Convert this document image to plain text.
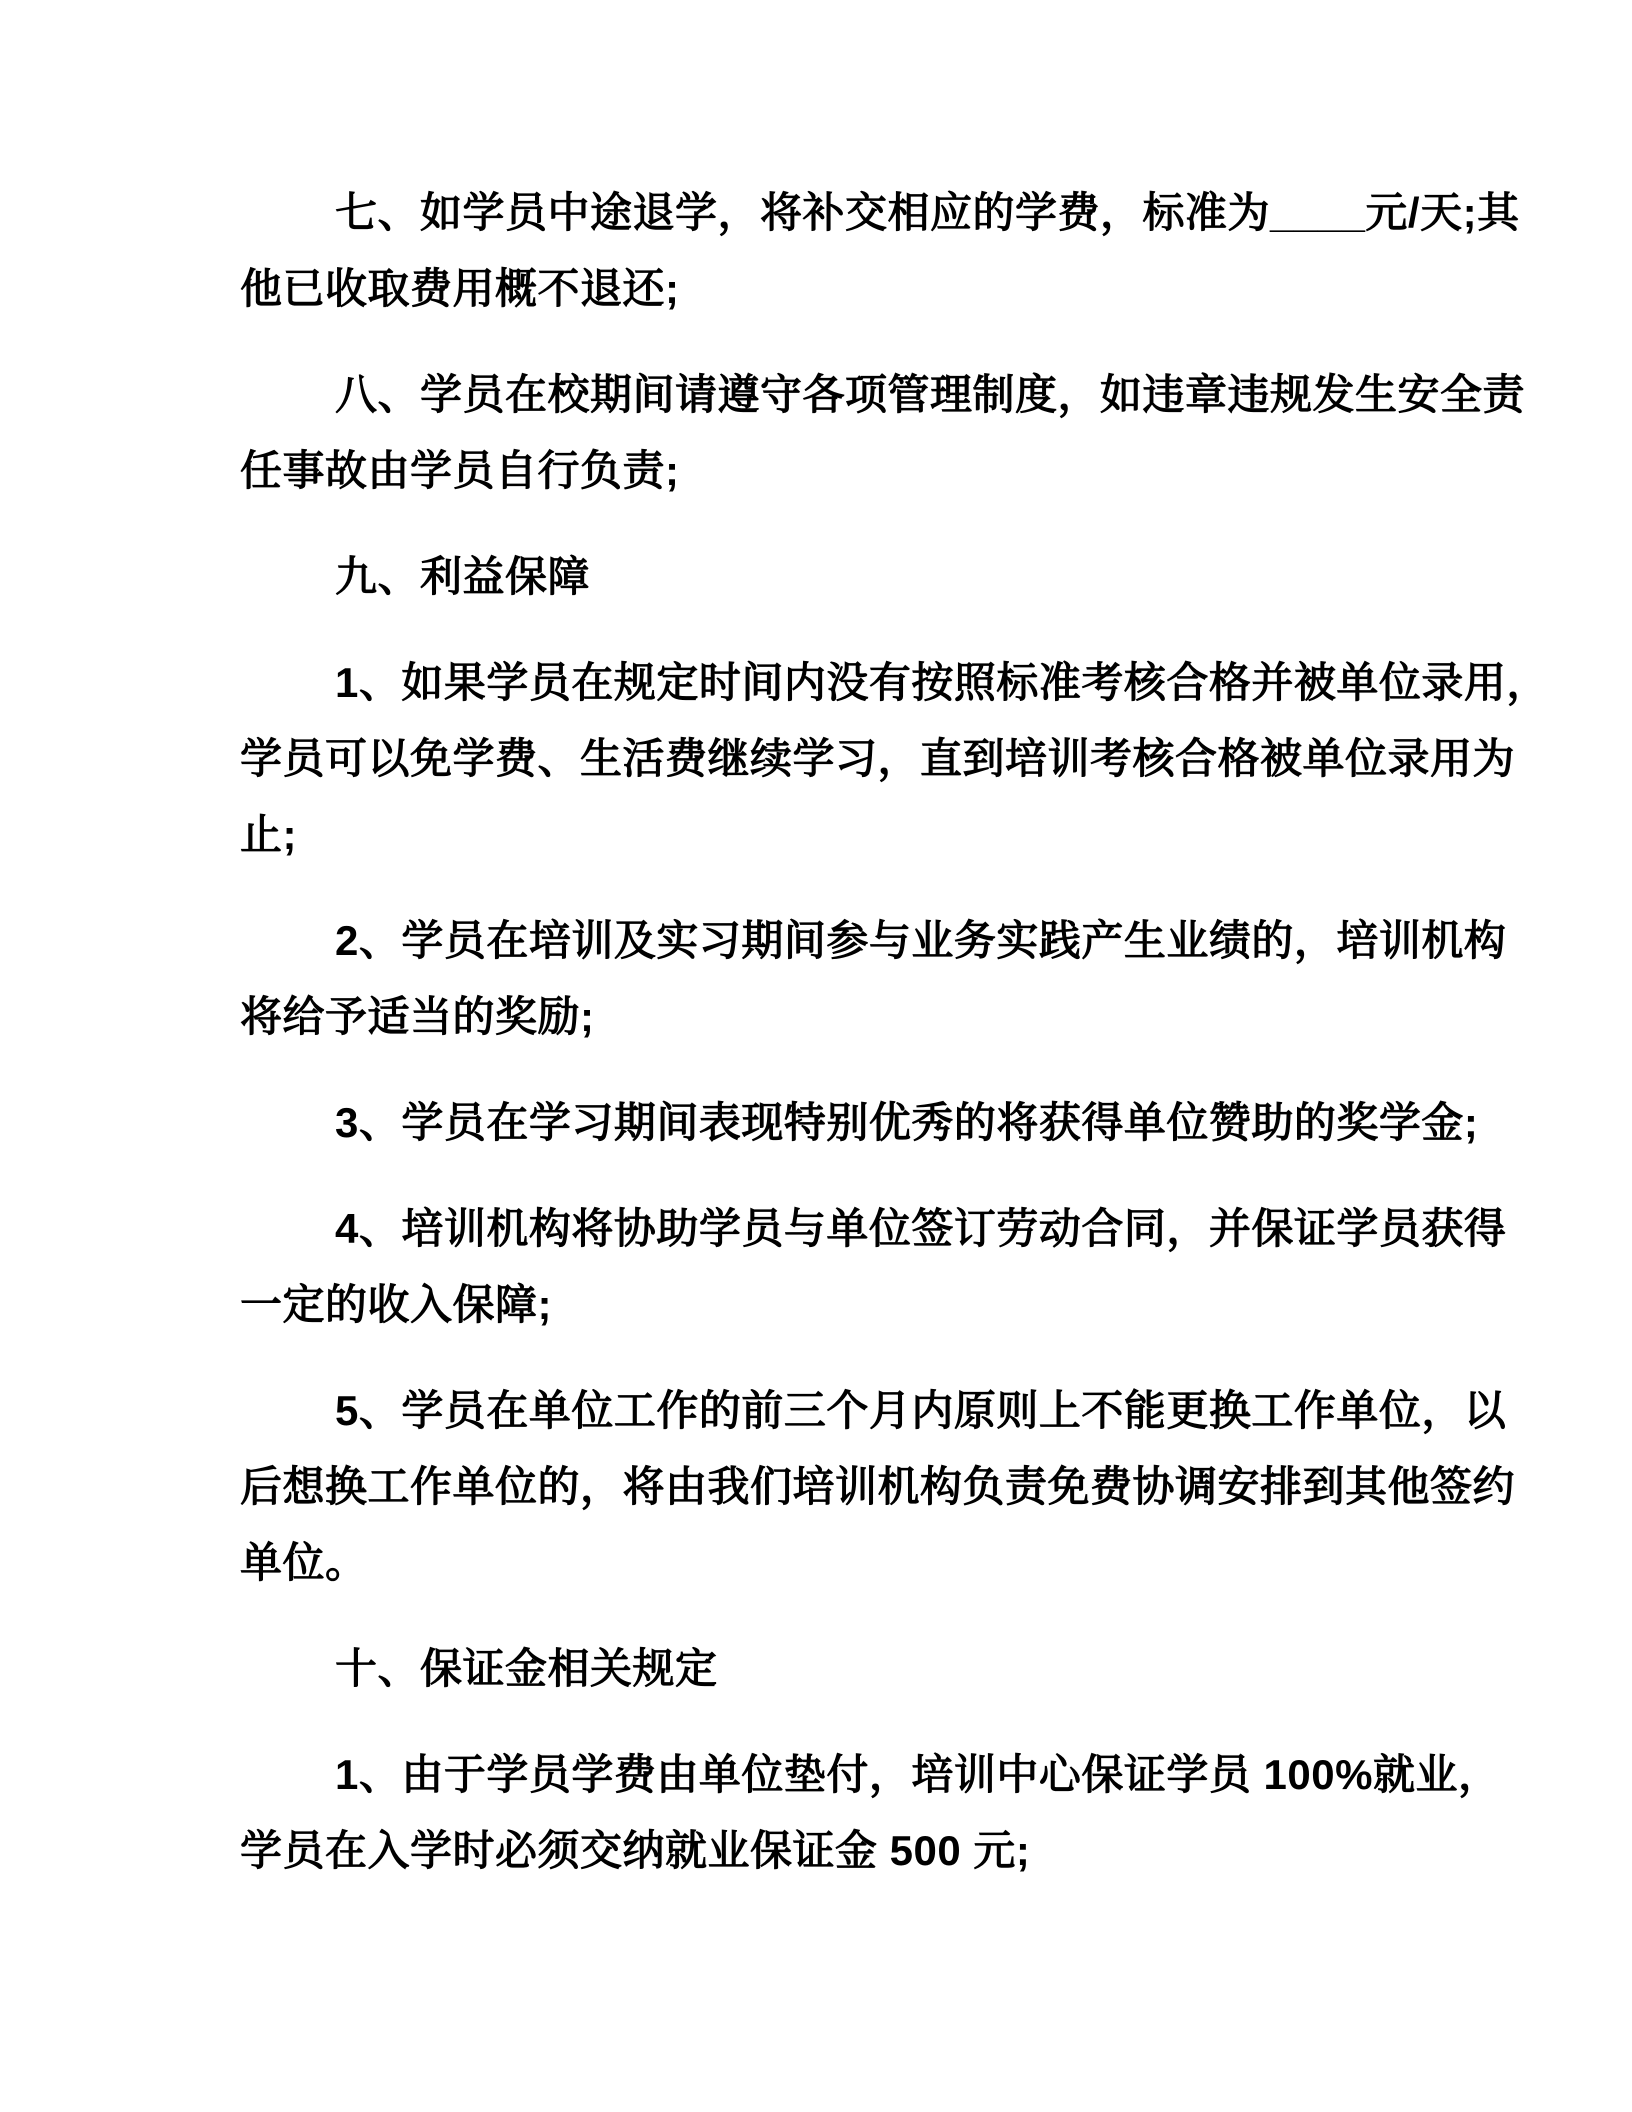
七、如学员中途退学，将补交相应的学费，标准为____元/天;其
他已收取费用概不退还;
八、学员在校期间请遵守各项管理制度，如违章违规发生安全责
任事故由学员自行负责;
九、利益保障
1、如果学员在规定时间内没有按照标准考核合格并被单位录用，
学员可以免学费、生活费继续学习，直到培训考核合格被单位录用为
止;
2、学员在培训及实习期间参与业务实践产生业绩的，培训机构
将给予适当的奖励;
3、学员在学习期间表现特别优秀的将获得单位赞助的奖学金;
4、培训机构将协助学员与单位签订劳动合同，并保证学员获得
一定的收入保障;
5、学员在单位工作的前三个月内原则上不能更换工作单位，以
后想换工作单位的，将由我们培训机构负责免费协调安排到其他签约
单位。
十、保证金相关规定
1、由于学员学费由单位垫付，培训中心保证学员 100%就业，
学员在入学时必须交纳就业保证金 500 元;
